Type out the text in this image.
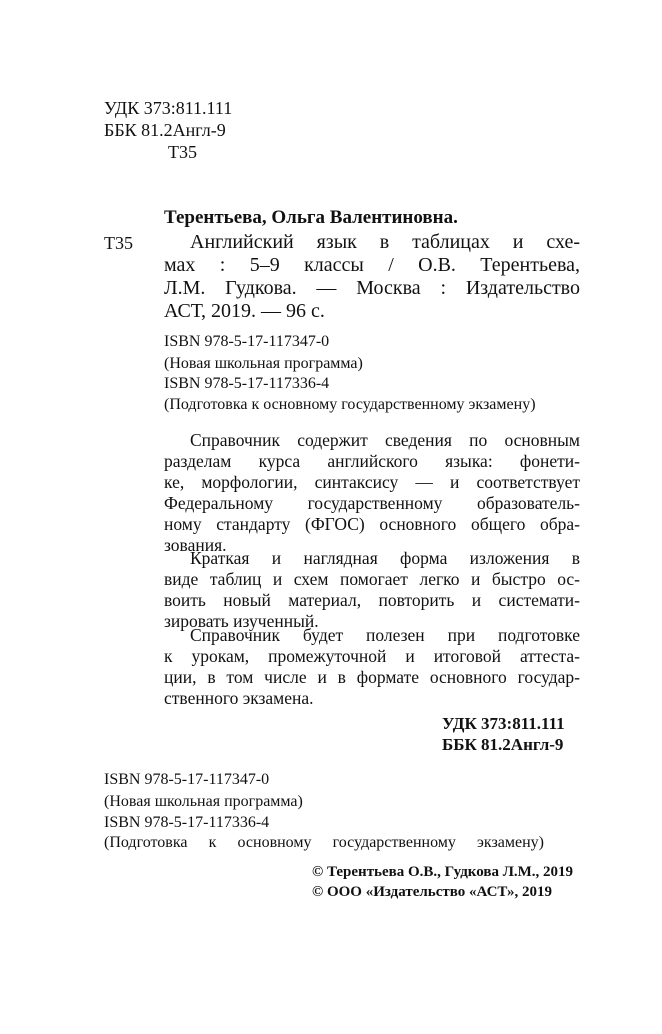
УДК 373:811.111
ББК 81.2Англ-9
Т35
Терентьева, Ольга Валентиновна.
Т35	Английский язык в таблицах и схе-
мах : 5–9 классы / О.В. Терентьева,
Л.М. Гудкова. — Москва : Издательство
АСТ, 2019. — 96 с.
ISBN 978-5-17-117347-0
(Новая школьная программа)
ISBN 978-5-17-117336-4
(Подготовка к основному государственному экзамену)
Справочник содержит сведения по основным
разделам курса английского языка: фонети-
ке, морфологии, синтаксису — и соответствует
Федеральному государственному образователь-
ному стандарту (ФГОС) основного общего обра-
зования.
Краткая и наглядная форма изложения в
виде таблиц и схем помогает легко и быстро ос-
воить новый материал, повторить и системати-
зировать изученный.
Справочник будет полезен при подготовке
к урокам, промежуточной и итоговой аттеста-
ции, в том числе и в формате основного государ-
ственного экзамена.
УДК 373:811.111
ББК 81.2Англ-9
ISBN 978-5-17-117347-0
(Новая школьная программа)
ISBN 978-5-17-117336-4
(Подготовка к основному государственному экзамену)
© Терентьева О.В., Гудкова Л.М., 2019
© ООО «Издательство «АСТ», 2019
